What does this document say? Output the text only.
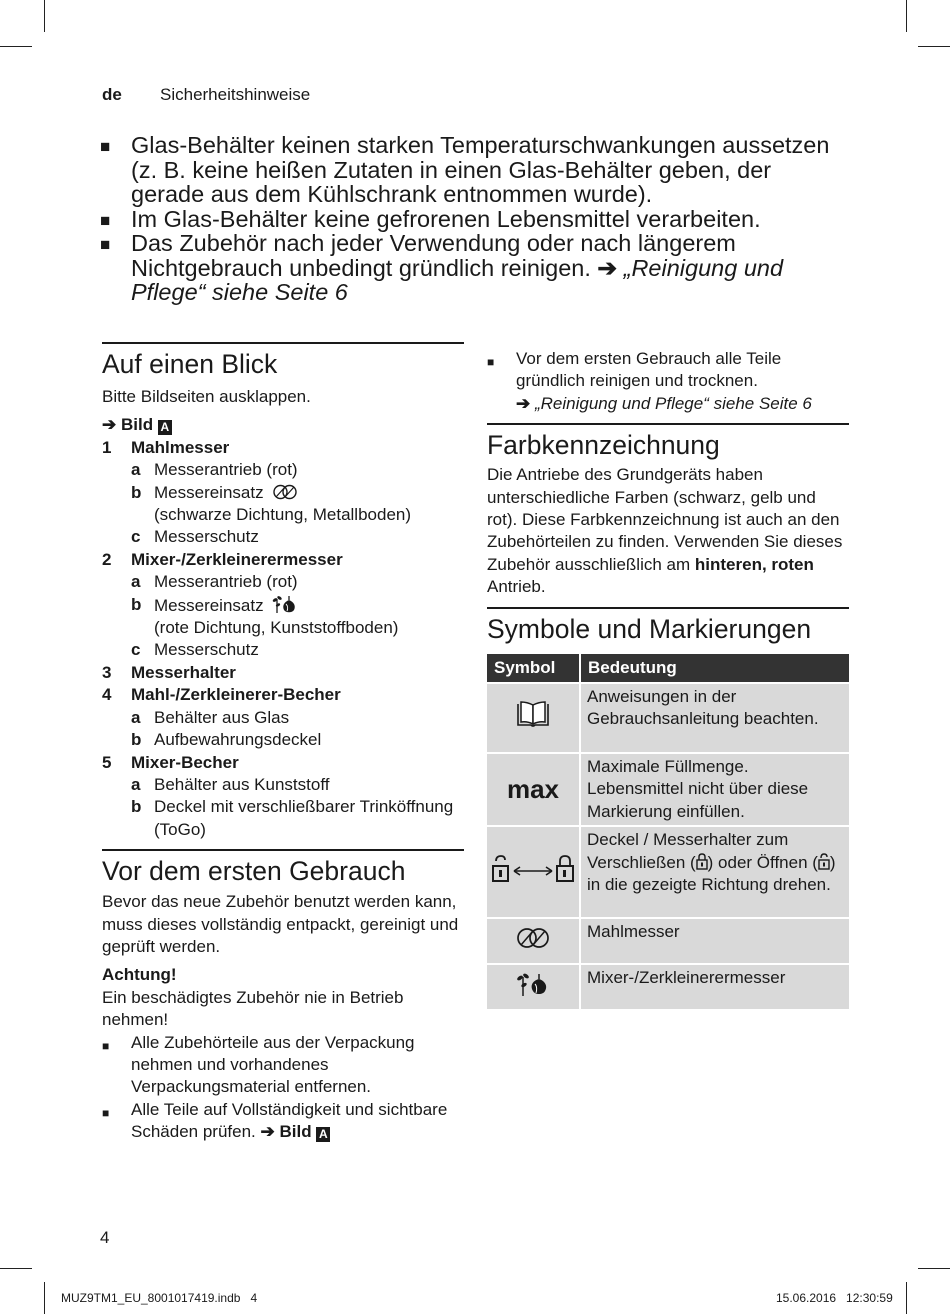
de Sicherheitshinweise
■ Glas-Behälter keinen starken Temperaturschwankungen aussetzen (z. B. keine heißen Zutaten in einen Glas-Behälter geben, der gerade aus dem Kühlschrank entnommen wurde).
■ Im Glas-Behälter keine gefrorenen Lebensmittel verarbeiten.
■ Das Zubehör nach jeder Verwendung oder nach längerem Nichtgebrauch unbedingt gründlich reinigen. ➔ „Reinigung und Pflege“ siehe Seite 6
Auf einen Blick
Bitte Bildseiten ausklappen.
➔ Bild A
1 Mahlmesser
a Messerantrieb (rot)
b Messereinsatz
(schwarze Dichtung, Metallboden)
c Messerschutz
2 Mixer-/Zerkleinerermesser
a Messerantrieb (rot)
b Messereinsatz
(rote Dichtung, Kunststoffboden)
c Messerschutz
3 Messerhalter
4 Mahl-/Zerkleinerer-Becher
a Behälter aus Glas
b Aufbewahrungsdeckel
5 Mixer-Becher
a Behälter aus Kunststoff
b Deckel mit verschließbarer Trinköffnung (ToGo)
Vor dem ersten Gebrauch
Bevor das neue Zubehör benutzt werden kann, muss dieses vollständig entpackt, gereinigt und geprüft werden.
Achtung!
Ein beschädigtes Zubehör nie in Betrieb nehmen!
■ Alle Zubehörteile aus der Verpackung nehmen und vorhandenes Verpackungsmaterial entfernen.
■ Alle Teile auf Vollständigkeit und sichtbare Schäden prüfen. ➔ Bild A
■ Vor dem ersten Gebrauch alle Teile gründlich reinigen und trocknen.
➔ „Reinigung und Pflege“ siehe Seite 6
Farbkennzeichnung
Die Antriebe des Grundgeräts haben unterschiedliche Farben (schwarz, gelb und rot). Diese Farbkennzeichnung ist auch an den Zubehörteilen zu finden. Verwenden Sie dieses Zubehör ausschließlich am hinteren, roten Antrieb.
Symbole und Markierungen
Symbol	Bedeutung
	Anweisungen in der Gebrauchsanleitung beachten.
max	Maximale Füllmenge. Lebensmittel nicht über diese Markierung einfüllen.
	Deckel / Messerhalter zum Verschließen ( ) oder Öffnen ( ) in die gezeigte Richtung drehen.
	Mahlmesser
	Mixer-/Zerkleinerermesser
4
MUZ9TM1_EU_8001017419.indb   4	15.06.2016   12:30:59
